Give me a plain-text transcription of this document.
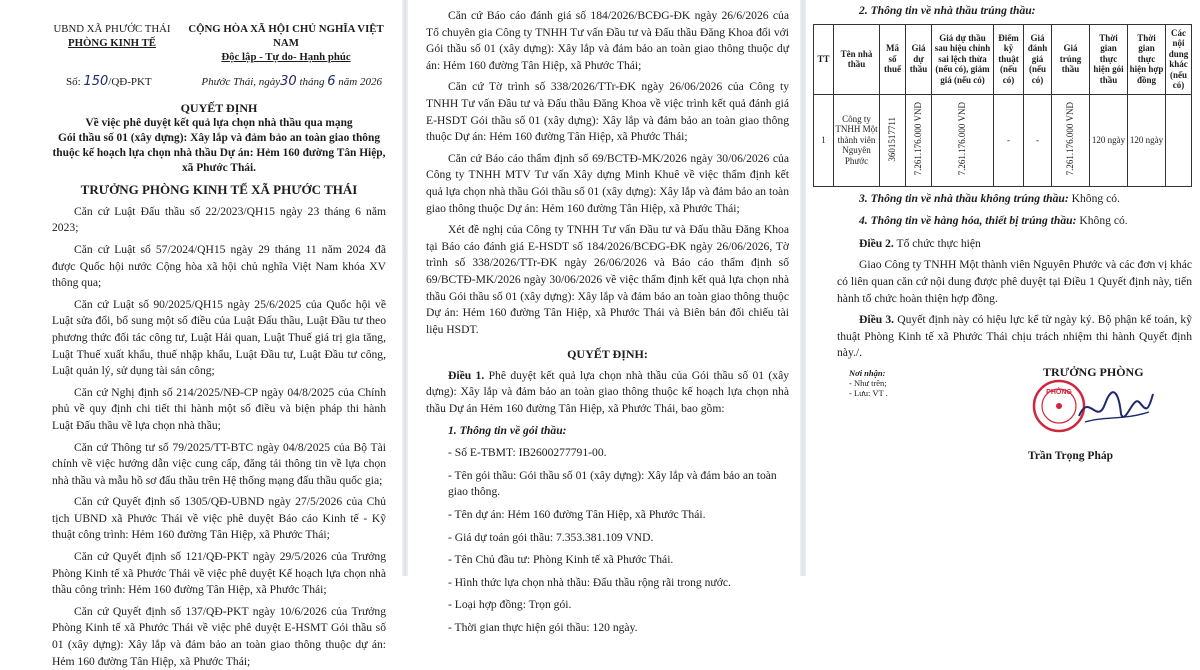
UBND XÃ PHƯỚC THÁI
PHÒNG KINH TẾ
CỘNG HÒA XÃ HỘI CHỦ NGHĨA VIỆT NAM
Độc lập - Tự do- Hạnh phúc
Số: 150/QĐ-PKT	Phước Thái, ngày30 tháng 6 năm 2026
QUYẾT ĐỊNH
Về việc phê duyệt kết quả lựa chọn nhà thầu qua mạng
Gói thầu số 01 (xây dựng): Xây lắp và đảm bảo an toàn giao thông thuộc kế hoạch lựa chọn nhà thầu Dự án: Hẻm 160 đường Tân Hiệp, xã Phước Thái.
TRƯỞNG PHÒNG KINH TẾ XÃ PHƯỚC THÁI
Căn cứ Luật Đấu thầu số 22/2023/QH15 ngày 23 tháng 6 năm 2023;
Căn cứ Luật số 57/2024/QH15 ngày 29 tháng 11 năm 2024 đã được Quốc hội nước Cộng hòa xã hội chủ nghĩa Việt Nam khóa XV thông qua;
Căn cứ Luật số 90/2025/QH15 ngày 25/6/2025 của Quốc hội về Luật sửa đổi, bổ sung một số điều của Luật Đấu thầu, Luật Đầu tư theo phương thức đối tác công tư, Luật Hải quan, Luật Thuế giá trị gia tăng, Luật Thuế xuất khẩu, thuế nhập khẩu, Luật Đầu tư, Luật Đầu tư công, Luật quản lý, sử dụng tài sản công;
Căn cứ Nghị định số 214/2025/NĐ-CP ngày 04/8/2025 của Chính phủ về quy định chi tiết thi hành một số điều và biện pháp thi hành Luật Đấu thầu về lựa chọn nhà thầu;
Căn cứ Thông tư số 79/2025/TT-BTC ngày 04/8/2025 của Bộ Tài chính về việc hướng dẫn việc cung cấp, đăng tải thông tin về lựa chọn nhà thầu và mẫu hồ sơ đấu thầu trên Hệ thống mạng đấu thầu quốc gia;
Căn cứ Quyết định số 1305/QĐ-UBND ngày 27/5/2026 của Chủ tịch UBND xã Phước Thái về việc phê duyệt Báo cáo Kinh tế - Kỹ thuật công trình: Hẻm 160 đường Tân Hiệp, xã Phước Thái;
Căn cứ Quyết định số 121/QĐ-PKT ngày 29/5/2026 của Trưởng Phòng Kinh tế xã Phước Thái về việc phê duyệt Kế hoạch lựa chọn nhà thầu công trình: Hẻm 160 đường Tân Hiệp, xã Phước Thái;
Căn cứ Quyết định số 137/QĐ-PKT ngày 10/6/2026 của Trưởng Phòng Kinh tế xã Phước Thái về việc phê duyệt E-HSMT Gói thầu số 01 (xây dựng): Xây lắp và đảm bảo an toàn giao thông thuộc dự án: Hẻm 160 đường Tân Hiệp, xã Phước Thái;
Căn cứ Báo cáo đánh giá số 184/2026/BCĐG-ĐK ngày 26/6/2026 của Tổ chuyên gia Công ty TNHH Tư vấn Đầu tư và Đấu thầu Đăng Khoa đối với Gói thầu số 01 (xây dựng): Xây lắp và đảm bảo an toàn giao thông thuộc dự án: Hẻm 160 đường Tân Hiệp, xã Phước Thái;
Căn cứ Tờ trình số 338/2026/TTr-ĐK ngày 26/06/2026 của Công ty TNHH Tư vấn Đầu tư và Đấu thầu Đăng Khoa về việc trình kết quả đánh giá E-HSDT Gói thầu số 01 (xây dựng): Xây lắp và đảm bảo an toàn giao thông thuộc Dự án: Hẻm 160 đường Tân Hiệp, xã Phước Thái;
Căn cứ Báo cáo thẩm định số 69/BCTĐ-MK/2026 ngày 30/06/2026 của Công ty TNHH MTV Tư vấn Xây dựng Minh Khuê về việc thẩm định kết quả lựa chọn nhà thầu Gói thầu số 01 (xây dựng): Xây lắp và đảm bảo an toàn giao thông thuộc Dự án: Hẻm 160 đường Tân Hiệp, xã Phước Thái;
Xét đề nghị của Công ty TNHH Tư vấn Đầu tư và Đấu thầu Đăng Khoa tại Báo cáo đánh giá E-HSDT số 184/2026/BCĐG-ĐK ngày 26/06/2026, Tờ trình số 338/2026/TTr-ĐK ngày 26/06/2026 và Báo cáo thẩm định số 69/BCTĐ-MK/2026 ngày 30/06/2026 về việc thẩm định kết quả lựa chọn nhà thầu Gói thầu số 01 (xây dựng): Xây lắp và đảm bảo an toàn giao thông thuộc Dự án: Hẻm 160 đường Tân Hiệp, xã Phước Thái và Biên bản đối chiếu tài liệu HSDT.
QUYẾT ĐỊNH:
Điều 1. Phê duyệt kết quả lựa chọn nhà thầu của Gói thầu số 01 (xây dựng): Xây lắp và đảm bảo an toàn giao thông thuộc kế hoạch lựa chọn nhà thầu Dự án Hẻm 160 đường Tân Hiệp, xã Phước Thái, bao gồm:
1. Thông tin về gói thầu:
- Số E-TBMT: IB2600277791-00.
- Tên gói thầu: Gói thầu số 01 (xây dựng): Xây lắp và đảm bảo an toàn giao thông.
- Tên dự án: Hẻm 160 đường Tân Hiệp, xã Phước Thái.
- Giá dự toán gói thầu: 7.353.381.109 VND.
- Tên Chủ đầu tư: Phòng Kinh tế xã Phước Thái.
- Hình thức lựa chọn nhà thầu: Đấu thầu rộng rãi trong nước.
- Loại hợp đồng: Trọn gói.
- Thời gian thực hiện gói thầu: 120 ngày.
2. Thông tin về nhà thầu trúng thầu:
TT	Tên nhà thầu	Mã số thuế	Giá dự thầu	Giá dự thầu sau hiệu chỉnh sai lệch thừa (nếu có), giảm giá (nếu có)	Điểm kỹ thuật (nếu có)	Giá đánh giá (nếu có)	Giá trúng thầu	Thời gian thực hiện gói thầu	Thời gian thực hiện hợp đồng	Các nội dung khác (nếu có)
1	Công ty TNHH Một thành viên Nguyên Phước	3601517711	7.261.176.000 VND	7.261.176.000 VND	-	-	7.261.176.000 VND	120 ngày	120 ngày	
3. Thông tin về nhà thầu không trúng thầu: Không có.
4. Thông tin về hàng hóa, thiết bị trúng thầu: Không có.
Điều 2. Tổ chức thực hiện
Giao Công ty TNHH Một thành viên Nguyên Phước và các đơn vị khác có liên quan căn cứ nội dung được phê duyệt tại Điều 1 Quyết định này, tiến hành tổ chức hoàn thiện hợp đồng.
Điều 3. Quyết định này có hiệu lực kể từ ngày ký. Bộ phận kế toán, kỹ thuật Phòng Kinh tế xã Phước Thái chịu trách nhiệm thi hành Quyết định này./.
Nơi nhận:
- Như trên;
- Lưu: VT .
TRƯỞNG PHÒNG
PHÒNG
Trần Trọng Pháp
